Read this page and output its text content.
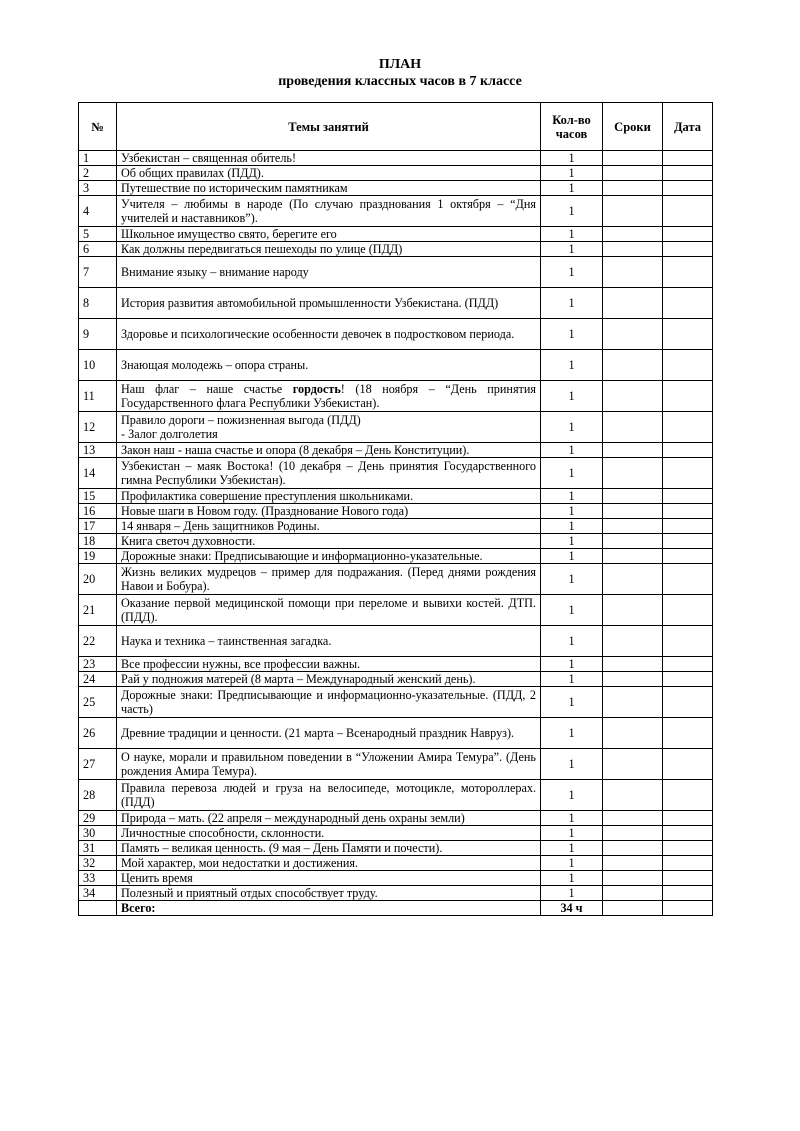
ПЛАН
проведения классных часов в 7 классе
№	Темы занятий	Кол-во часов	Сроки	Дата
1	Узбекистан – священная обитель!	1		
2	Об общих правилах (ПДД).	1		
3	Путешествие по историческим памятникам	1		
4	Учителя – любимы в народе (По случаю празднования 1 октября – “Дня учителей и наставников”).	1		
5	Школьное имущество свято, берегите его	1		
6	Как должны передвигаться пешеходы по улице (ПДД)	1		
7	Внимание языку – внимание народу	1		
8	История развития автомобильной промышленности Узбекистана. (ПДД)	1		
9	Здоровье и психологические особенности девочек в подростковом периода.	1		
10	Знающая молодежь – опора страны.	1		
11	Наш флаг – наше счастье гордость! (18 ноября – “День принятия Государственного флага Республики Узбекистан).	1		
12	Правило дороги – пожизненная выгода (ПДД)
- Залог долголетия	1		
13	Закон наш - наша счастье и опора (8 декабря – День Конституции).	1		
14	Узбекистан – маяк Востока! (10 декабря – День принятия Государственного гимна Республики Узбекистан).	1		
15	Профилактика совершение преступления школьниками.	1		
16	Новые шаги в Новом году. (Празднование Нового года)	1		
17	14 января – День защитников Родины.	1		
18	Книга светоч духовности.	1		
19	Дорожные знаки: Предписывающие и информационно-указательные.	1		
20	Жизнь великих мудрецов – пример для подражания. (Перед днями рождения Навои и Бобура).	1		
21	Оказание первой медицинской помощи при переломе и вывихи костей. ДТП. (ПДД).	1		
22	Наука и техника – таинственная загадка.	1		
23	Все профессии нужны, все профессии важны.	1		
24	Рай у подножия матерей (8 марта – Международный женский день).	1		
25	Дорожные знаки: Предписывающие и информационно-указательные. (ПДД, 2 часть)	1		
26	Древние традиции и ценности. (21 марта – Всенародный праздник Навруз).	1		
27	О науке, морали и правильном поведении в “Уложении Амира Темура”. (День рождения Амира Темура).	1		
28	Правила перевоза людей и груза на велосипеде, мотоцикле, мотороллерах.(ПДД)	1		
29	Природа – мать. (22 апреля – международный день охраны земли)	1		
30	Личностные способности, склонности.	1		
31	Память – великая ценность. (9 мая – День Памяти и почести).	1		
32	Мой характер, мои недостатки и достижения.	1		
33	Ценить время	1		
34	Полезный и приятный отдых способствует труду.	1		
	Всего:	34 ч		
